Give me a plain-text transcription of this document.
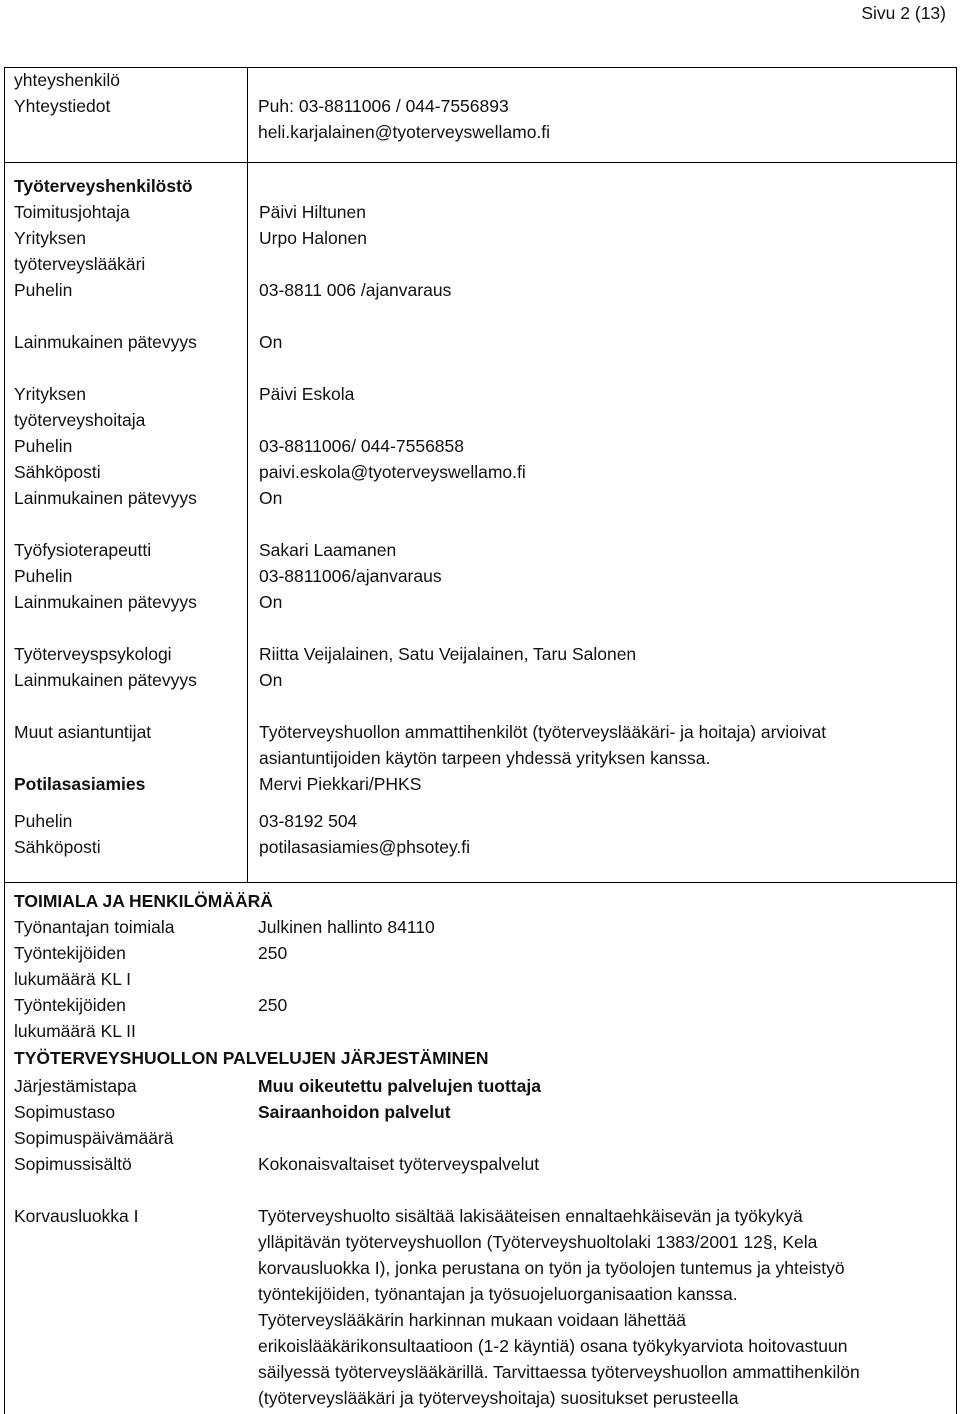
Sivu 2 (13)
yhteyshenkilö
Yhteystiedot	Puh: 03-8811006 / 044-7556893
heli.karjalainen@tyoterveyswellamo.fi
Työterveyshenkilöstö
Toimitusjohtaja	Päivi Hiltunen
Yrityksen	Urpo Halonen
työterveyslääkäri
Puhelin	03-8811 006 /ajanvaraus
Lainmukainen pätevyys	On
Yrityksen	Päivi Eskola
työterveyshoitaja
Puhelin	03-8811006/ 044-7556858
Sähköposti	paivi.eskola@tyoterveyswellamo.fi
Lainmukainen pätevyys	On
Työfysioterapeutti	Sakari Laamanen
Puhelin	03-8811006/ajanvaraus
Lainmukainen pätevyys	On
Työterveyspsykologi	Riitta Veijalainen, Satu Veijalainen, Taru Salonen
Lainmukainen pätevyys	On
Muut asiantuntijat	Työterveyshuollon ammattihenkilöt (työterveyslääkäri- ja hoitaja) arvioivat
asiantuntijoiden käytön tarpeen yhdessä yrityksen kanssa.
Potilasasiamies	Mervi Piekkari/PHKS
Puhelin	03-8192 504
Sähköposti	potilasasiamies@phsotey.fi
TOIMIALA JA HENKILÖMÄÄRÄ
Työnantajan toimiala	Julkinen hallinto 84110
Työntekijöiden	250
lukumäärä KL I
Työntekijöiden	250
lukumäärä KL II
TYÖTERVEYSHUOLLON PALVELUJEN JÄRJESTÄMINEN
Järjestämistapa	Muu oikeutettu palvelujen tuottaja
Sopimustaso	Sairaanhoidon palvelut
Sopimuspäivämäärä
Sopimussisältö	Kokonaisvaltaiset työterveyspalvelut
Korvausluokka I	Työterveyshuolto sisältää lakisääteisen ennaltaehkäisevän ja työkykyä
ylläpitävän työterveyshuollon (Työterveyshuoltolaki 1383/2001 12§, Kela
korvausluokka I), jonka perustana on työn ja työolojen tuntemus ja yhteistyö
työntekijöiden, työnantajan ja työsuojeluorganisaation kanssa.
Työterveyslääkärin harkinnan mukaan voidaan lähettää
erikoislääkärikonsultaatioon (1-2 käyntiä) osana työkykyarviota hoitovastuun
säilyessä työterveyslääkärillä. Tarvittaessa työterveyshuollon ammattihenkilön
(työterveyslääkäri ja työterveyshoitaja) suositukset perusteella
